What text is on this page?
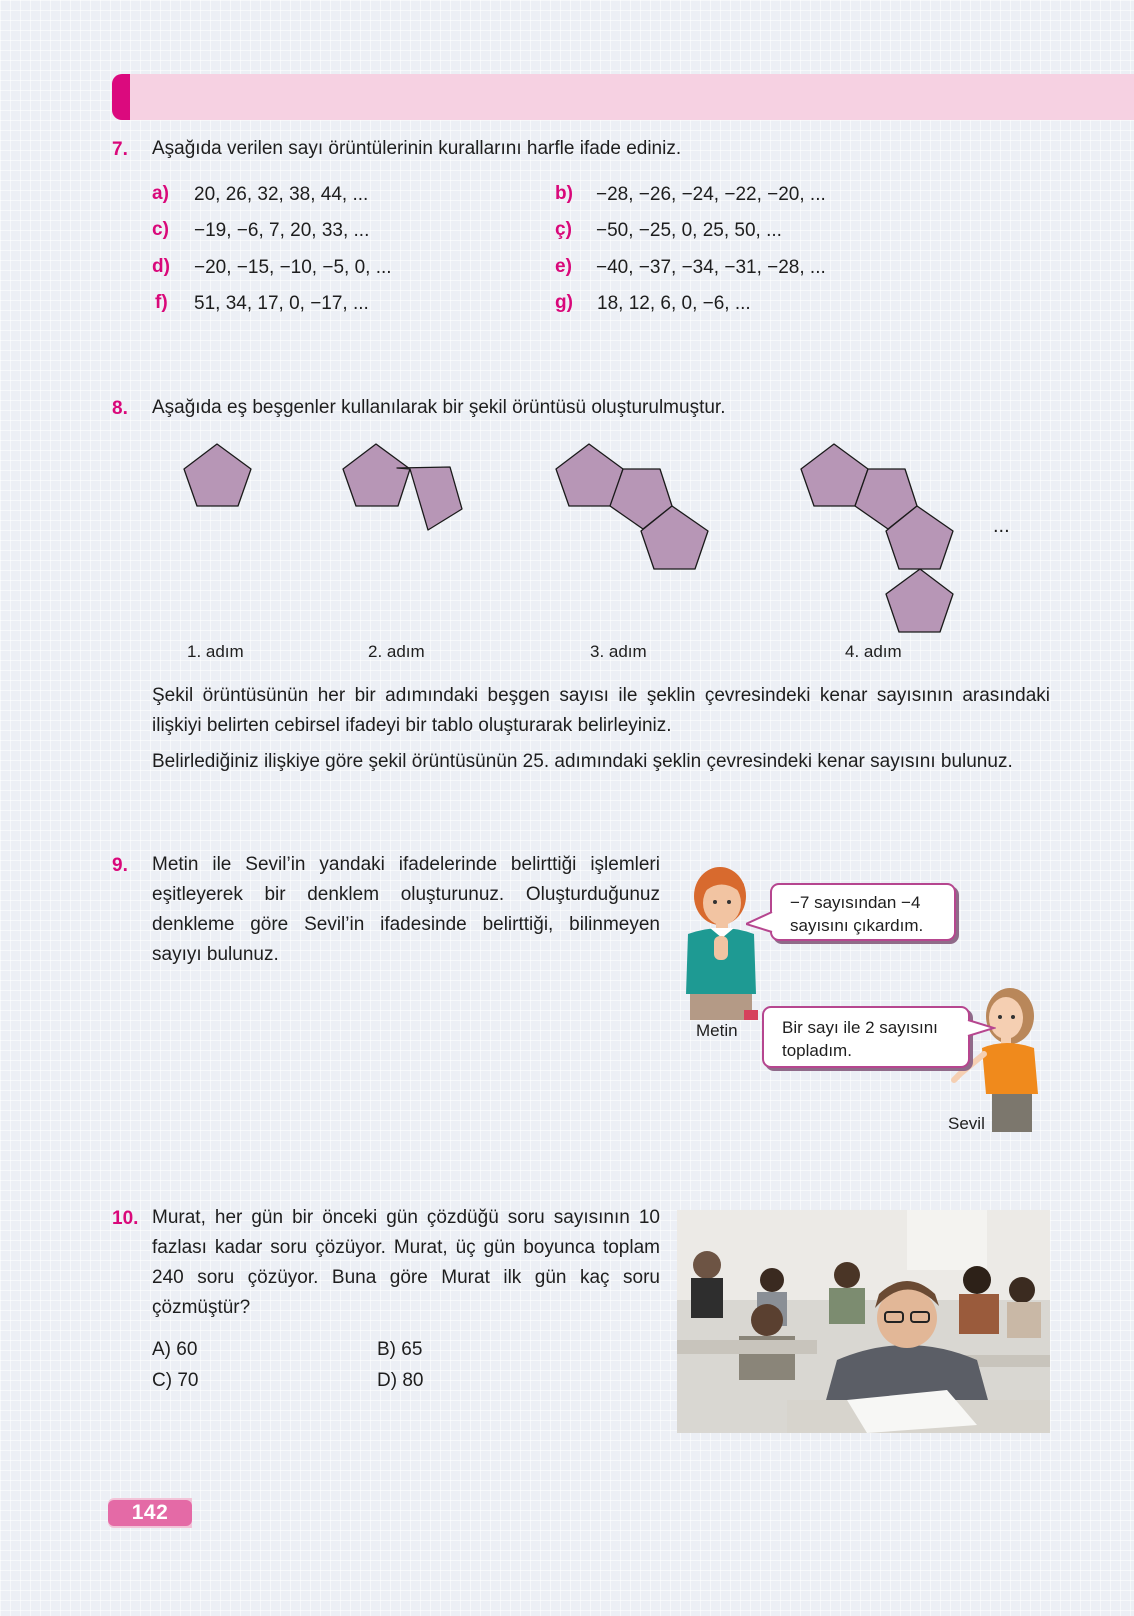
7. Aşağıda verilen sayı örüntülerinin kurallarını harfle ifade ediniz.
a) 20, 26, 32, 38, 44, ...	b) −28, −26, −24, −22, −20, ...
c) −19, −6, 7, 20, 33, ...	ç) −50, −25, 0, 25, 50, ...
d) −20, −15, −10, −5, 0, ...	e) −40, −37, −34, −31, −28, ...
f) 51, 34, 17, 0, −17, ...	g) 18, 12, 6, 0, −6, ...
8. Aşağıda eş beşgenler kullanılarak bir şekil örüntüsü oluşturulmuştur.
...
1. adım	2. adım	3. adım	4. adım
Şekil örüntüsünün her bir adımındaki beşgen sayısı ile şeklin çevresindeki kenar sayısının arasındaki ilişkiyi belirten cebirsel ifadeyi bir tablo oluşturarak belirleyiniz.
Belirlediğiniz ilişkiye göre şekil örüntüsünün 25. adımındaki şeklin çevresindeki kenar sayısını bulunuz.
9. Metin ile Sevil’in yandaki ifadelerinde belirttiği işlemleri eşitleyerek bir denklem oluşturunuz. Oluşturduğunuz denkleme göre Sevil’in ifadesinde belirttiği, bilinmeyen sayıyı bulunuz.
Metin
−7 sayısından −4 sayısını çıkardım.
Sevil
Bir sayı ile 2 sayısını topladım.
10. Murat, her gün bir önceki gün çözdüğü soru sayısının 10 fazlası kadar soru çözüyor. Murat, üç gün boyunca toplam 240 soru çözüyor. Buna göre Murat ilk gün kaç soru çözmüştür?
A) 60	B) 65
C) 70	D) 80
142
